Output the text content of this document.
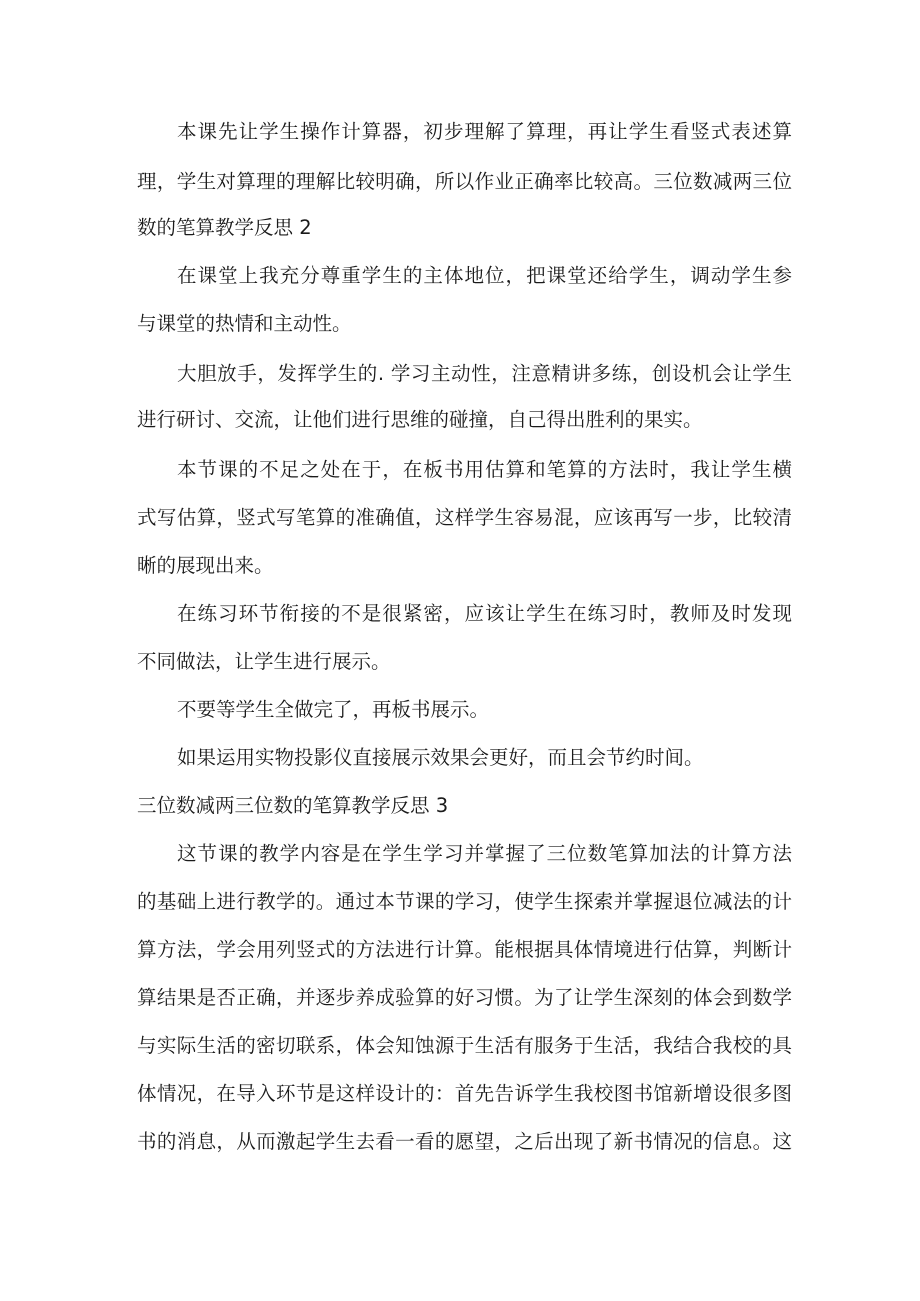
本课先让学生操作计算器，初步理解了算理，再让学生看竖式表述算
理，学生对算理的理解比较明确，所以作业正确率比较高。三位数减两三位
数的笔算教学反思 2
在课堂上我充分尊重学生的主体地位，把课堂还给学生，调动学生参
与课堂的热情和主动性。
大胆放手，发挥学生的. 学习主动性，注意精讲多练，创设机会让学生
进行研讨、交流，让他们进行思维的碰撞，自己得出胜利的果实。
本节课的不足之处在于，在板书用估算和笔算的方法时，我让学生横
式写估算，竖式写笔算的准确值，这样学生容易混，应该再写一步，比较清
晰的展现出来。
在练习环节衔接的不是很紧密，应该让学生在练习时，教师及时发现
不同做法，让学生进行展示。
不要等学生全做完了，再板书展示。
如果运用实物投影仪直接展示效果会更好，而且会节约时间。
三位数减两三位数的笔算教学反思 3
这节课的教学内容是在学生学习并掌握了三位数笔算加法的计算方法
的基础上进行教学的。通过本节课的学习，使学生探索并掌握退位减法的计
算方法，学会用列竖式的方法进行计算。能根据具体情境进行估算，判断计
算结果是否正确，并逐步养成验算的好习惯。为了让学生深刻的体会到数学
与实际生活的密切联系，体会知蚀源于生活有服务于生活，我结合我校的具
体情况，在导入环节是这样设计的：首先告诉学生我校图书馆新增设很多图
书的消息，从而激起学生去看一看的愿望，之后出现了新书情况的信息。这
